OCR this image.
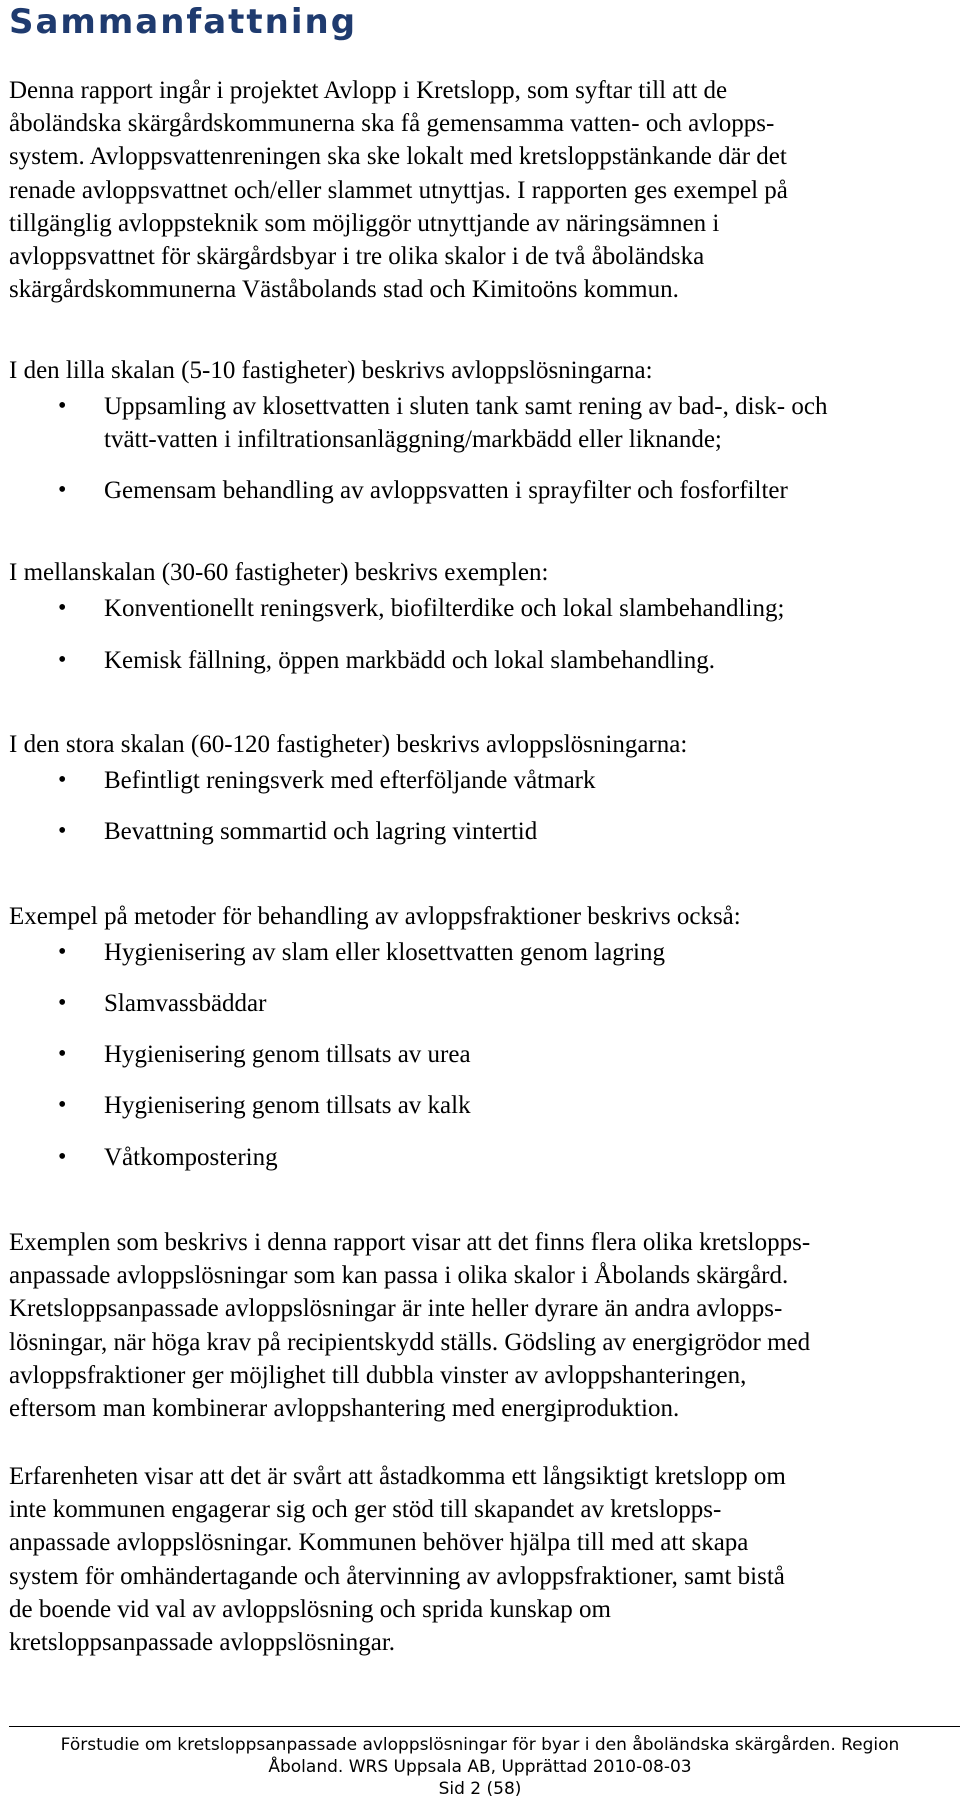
Sammanfattning

Denna rapport ingår i projektet Avlopp i Kretslopp, som syftar till att de
åboländska skärgårdskommunerna ska få gemensamma vatten- och avlopps-
system. Avloppsvattenreningen ska ske lokalt med kretsloppstänkande där det
renade avloppsvattnet och/eller slammet utnyttjas. I rapporten ges exempel på
tillgänglig avloppsteknik som möjliggör utnyttjande av näringsämnen i
avloppsvattnet för skärgårdsbyar i tre olika skalor i de två åboländska
skärgårdskommunerna Väståbolands stad och Kimitoöns kommun.

I den lilla skalan (5-10 fastigheter) beskrivs avloppslösningarna:

• Uppsamling av klosettvatten i sluten tank samt rening av bad-, disk- och
tvätt-vatten i infiltrationsanläggning/markbädd eller liknande;

• Gemensam behandling av avloppsvatten i sprayfilter och fosforfilter

I mellanskalan (30-60 fastigheter) beskrivs exemplen:

• Konventionellt reningsverk, biofilterdike och lokal slambehandling;

• Kemisk fällning, öppen markbädd och lokal slambehandling.

I den stora skalan (60-120 fastigheter) beskrivs avloppslösningarna:

• Befintligt reningsverk med efterföljande våtmark

• Bevattning sommartid och lagring vintertid

Exempel på metoder för behandling av avloppsfraktioner beskrivs också:

• Hygienisering av slam eller klosettvatten genom lagring

• Slamvassbäddar

• Hygienisering genom tillsats av urea

• Hygienisering genom tillsats av kalk

• Våtkompostering

Exemplen som beskrivs i denna rapport visar att det finns flera olika kretslopps-
anpassade avloppslösningar som kan passa i olika skalor i Åbolands skärgård.
Kretsloppsanpassade avloppslösningar är inte heller dyrare än andra avlopps-
lösningar, när höga krav på recipientskydd ställs. Gödsling av energigrödor med
avloppsfraktioner ger möjlighet till dubbla vinster av avloppshanteringen,
eftersom man kombinerar avloppshantering med energiproduktion.

Erfarenheten visar att det är svårt att åstadkomma ett långsiktigt kretslopp om
inte kommunen engagerar sig och ger stöd till skapandet av kretslopps-
anpassade avloppslösningar. Kommunen behöver hjälpa till med att skapa
system för omhändertagande och återvinning av avloppsfraktioner, samt bistå
de boende vid val av avloppslösning och sprida kunskap om
kretsloppsanpassade avloppslösningar.

Förstudie om kretsloppsanpassade avloppslösningar för byar i den åboländska skärgården. Region

Åboland. WRS Uppsala AB, Upprättad 2010-08-03

Sid 2 (58)
